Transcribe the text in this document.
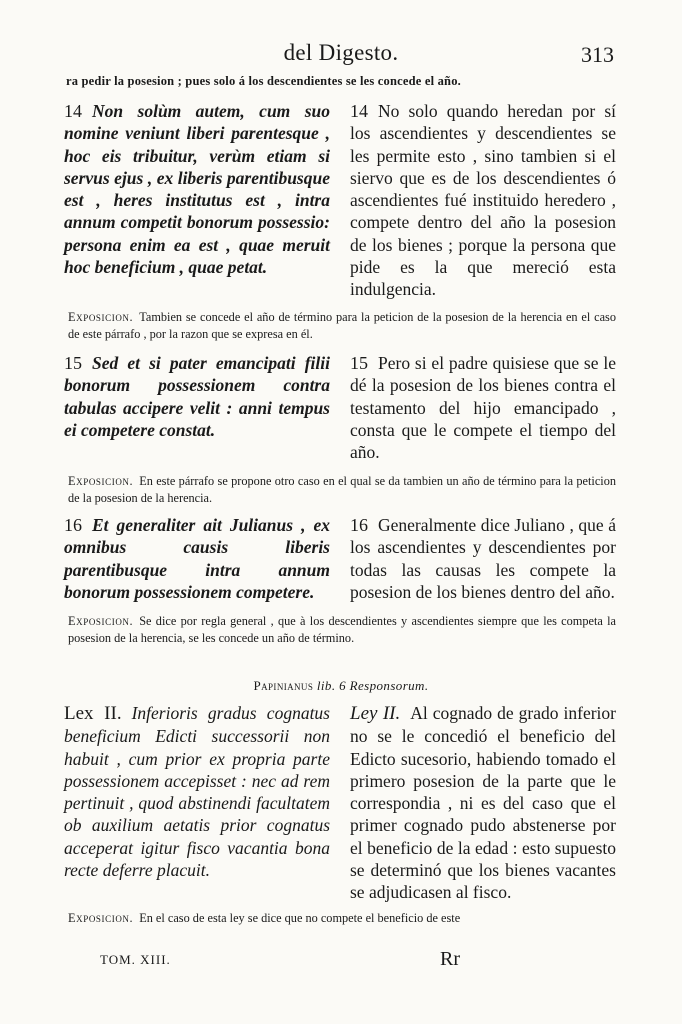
del Digesto.	313
ra pedir la posesion ; pues solo á los descendientes se les concede el año.
14 Non solùm autem, cum suo nomine veniunt liberi parentesque , hoc eis tribuitur, verùm etiam si servus ejus , ex liberis parentibusque est , heres institutus est , intra annum competit bonorum possessio: persona enim ea est , quae meruit hoc beneficium , quae petat.
14 No solo quando heredan por sí los ascendientes y descendientes se les permite esto , sino tambien si el siervo que es de los descendientes ó ascendientes fué instituido heredero , compete dentro del año la posesion de los bienes ; porque la persona que pide es la que mereció esta indulgencia.
Exposicion. Tambien se concede el año de término para la peticion de la posesion de la herencia en el caso de este párrafo , por la razon que se expresa en él.
15 Sed et si pater emancipati filii bonorum possessionem contra tabulas accipere velit : anni tempus ei competere constat.
15 Pero si el padre quisiese que se le dé la posesion de los bienes contra el testamento del hijo emancipado , consta que le compete el tiempo del año.
Exposicion. En este párrafo se propone otro caso en el qual se da tambien un año de término para la peticion de la posesion de la herencia.
16 Et generaliter ait Julianus , ex omnibus causis liberis parentibusque intra annum bonorum possessionem competere.
16 Generalmente dice Juliano , que á los ascendientes y descendientes por todas las causas les compete la posesion de los bienes dentro del año.
Exposicion. Se dice por regla general , que à los descendientes y ascendientes siempre que les competa la posesion de la herencia, se les concede un año de término.
Papinianus lib. 6 Responsorum.
Lex II. Inferioris gradus cognatus beneficium Edicti successorii non habuit , cum prior ex propria parte possessionem accepisset : nec ad rem pertinuit , quod abstinendi facultatem ob auxilium aetatis prior cognatus acceperat igitur fisco vacantia bona recte deferre placuit.
Ley II. Al cognado de grado inferior no se le concedió el beneficio del Edicto sucesorio, habiendo tomado el primero posesion de la parte que le correspondia , ni es del caso que el primer cognado pudo abstenerse por el beneficio de la edad : esto supuesto se determinó que los bienes vacantes se adjudicasen al fisco.
Exposicion. En el caso de esta ley se dice que no compete el beneficio de este
TOM. XIII.	Rr
